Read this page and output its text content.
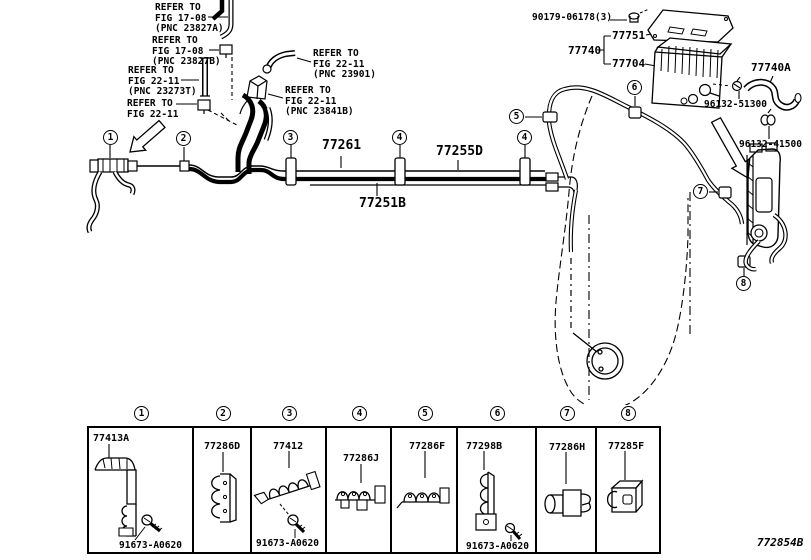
REFER TO
FIG 17-08
(PNC 23827A)
REFER TO
FIG 17-08
(PNC 23827B)
REFER TO
FIG 22-11
(PNC 23273T)
REFER TO
FIG 22-11
REFER TO
FIG 22-11
(PNC 23901)
REFER TO
FIG 22-11
(PNC 23841B)
77261	77255D
77251B
90179-06178(3)
77751
77740
77704	77740A
96132-51300
96132-41500
1	2	3	4	4
5
6
7
8
1	2	3	4	5	6	7	8
77413A
91673-A0620
77286D	77412
91673-A0620
77286J
77286F 77298B
91673-A0620
77286H 77285F
772854B
